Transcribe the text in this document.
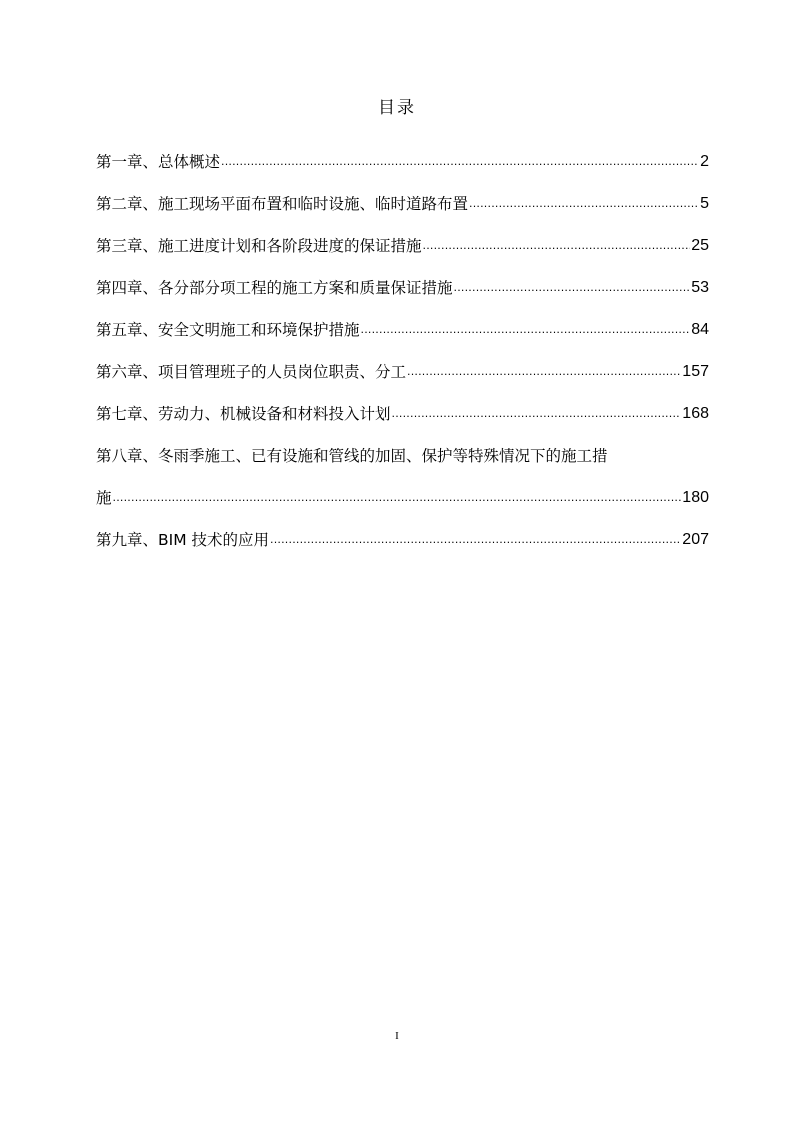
目录
第一章、总体概述 .....	2
第二章、施工现场平面布置和临时设施、临时道路布置 .....	5
第三章、施工进度计划和各阶段进度的保证措施 .....	25
第四章、各分部分项工程的施工方案和质量保证措施 .....	53
第五章、安全文明施工和环境保护措施 .....	84
第六章、项目管理班子的人员岗位职责、分工 .....	157
第七章、劳动力、机械设备和材料投入计划 .....	168
第八章、冬雨季施工、已有设施和管线的加固、保护等特殊情况下的施工措
施 .....	180
第九章、BIM 技术的应用 .....	207
I
